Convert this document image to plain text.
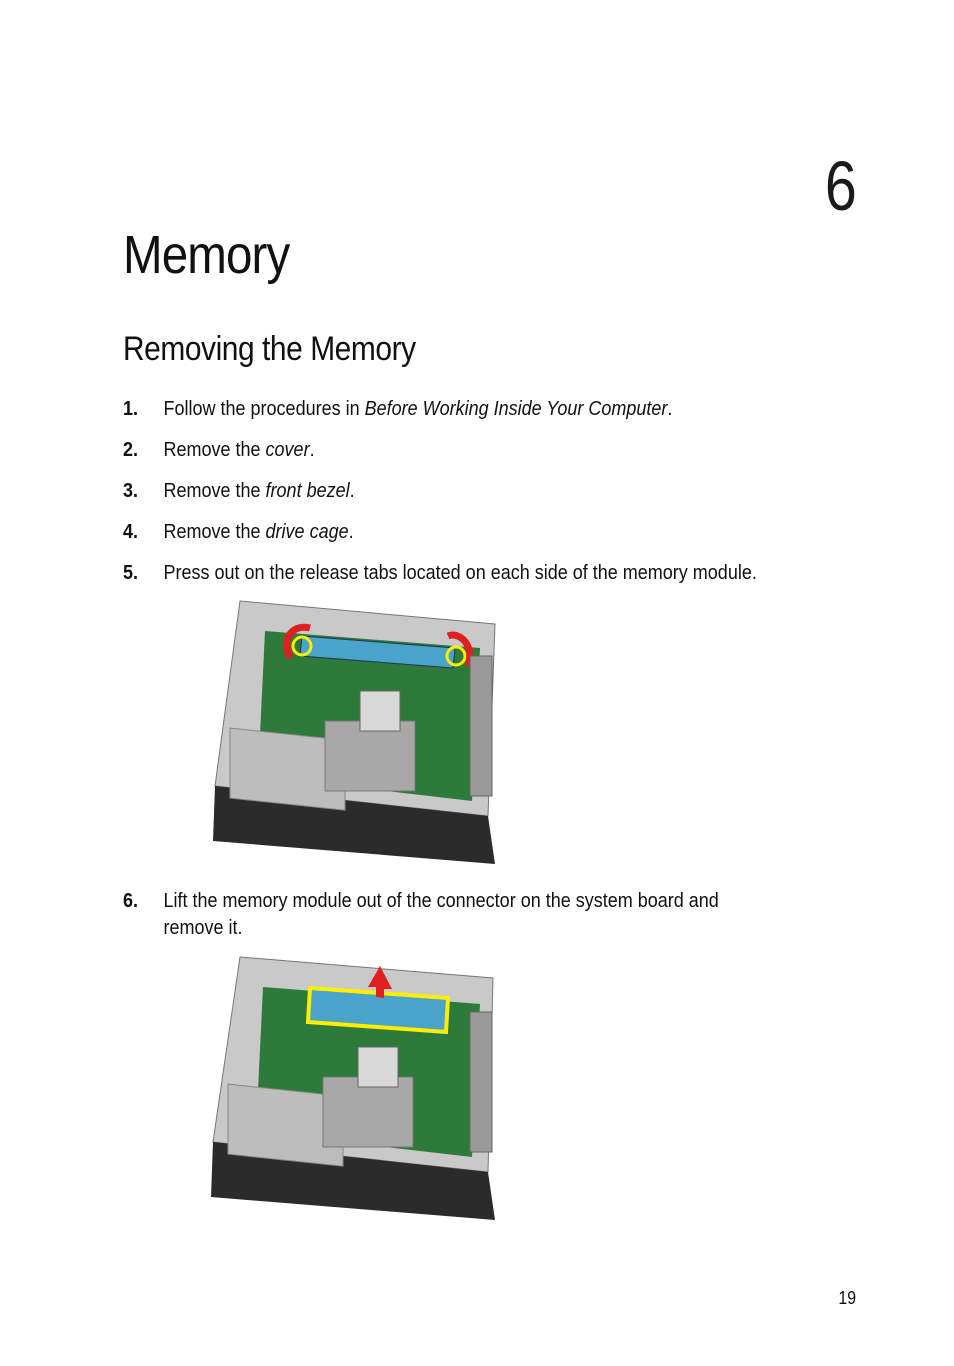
6
Memory
Removing the Memory
1. Follow the procedures in Before Working Inside Your Computer.
2. Remove the cover.
3. Remove the front bezel.
4. Remove the drive cage.
5. Press out on the release tabs located on each side of the memory module.
6. Lift the memory module out of the connector on the system board and
remove it.
19
